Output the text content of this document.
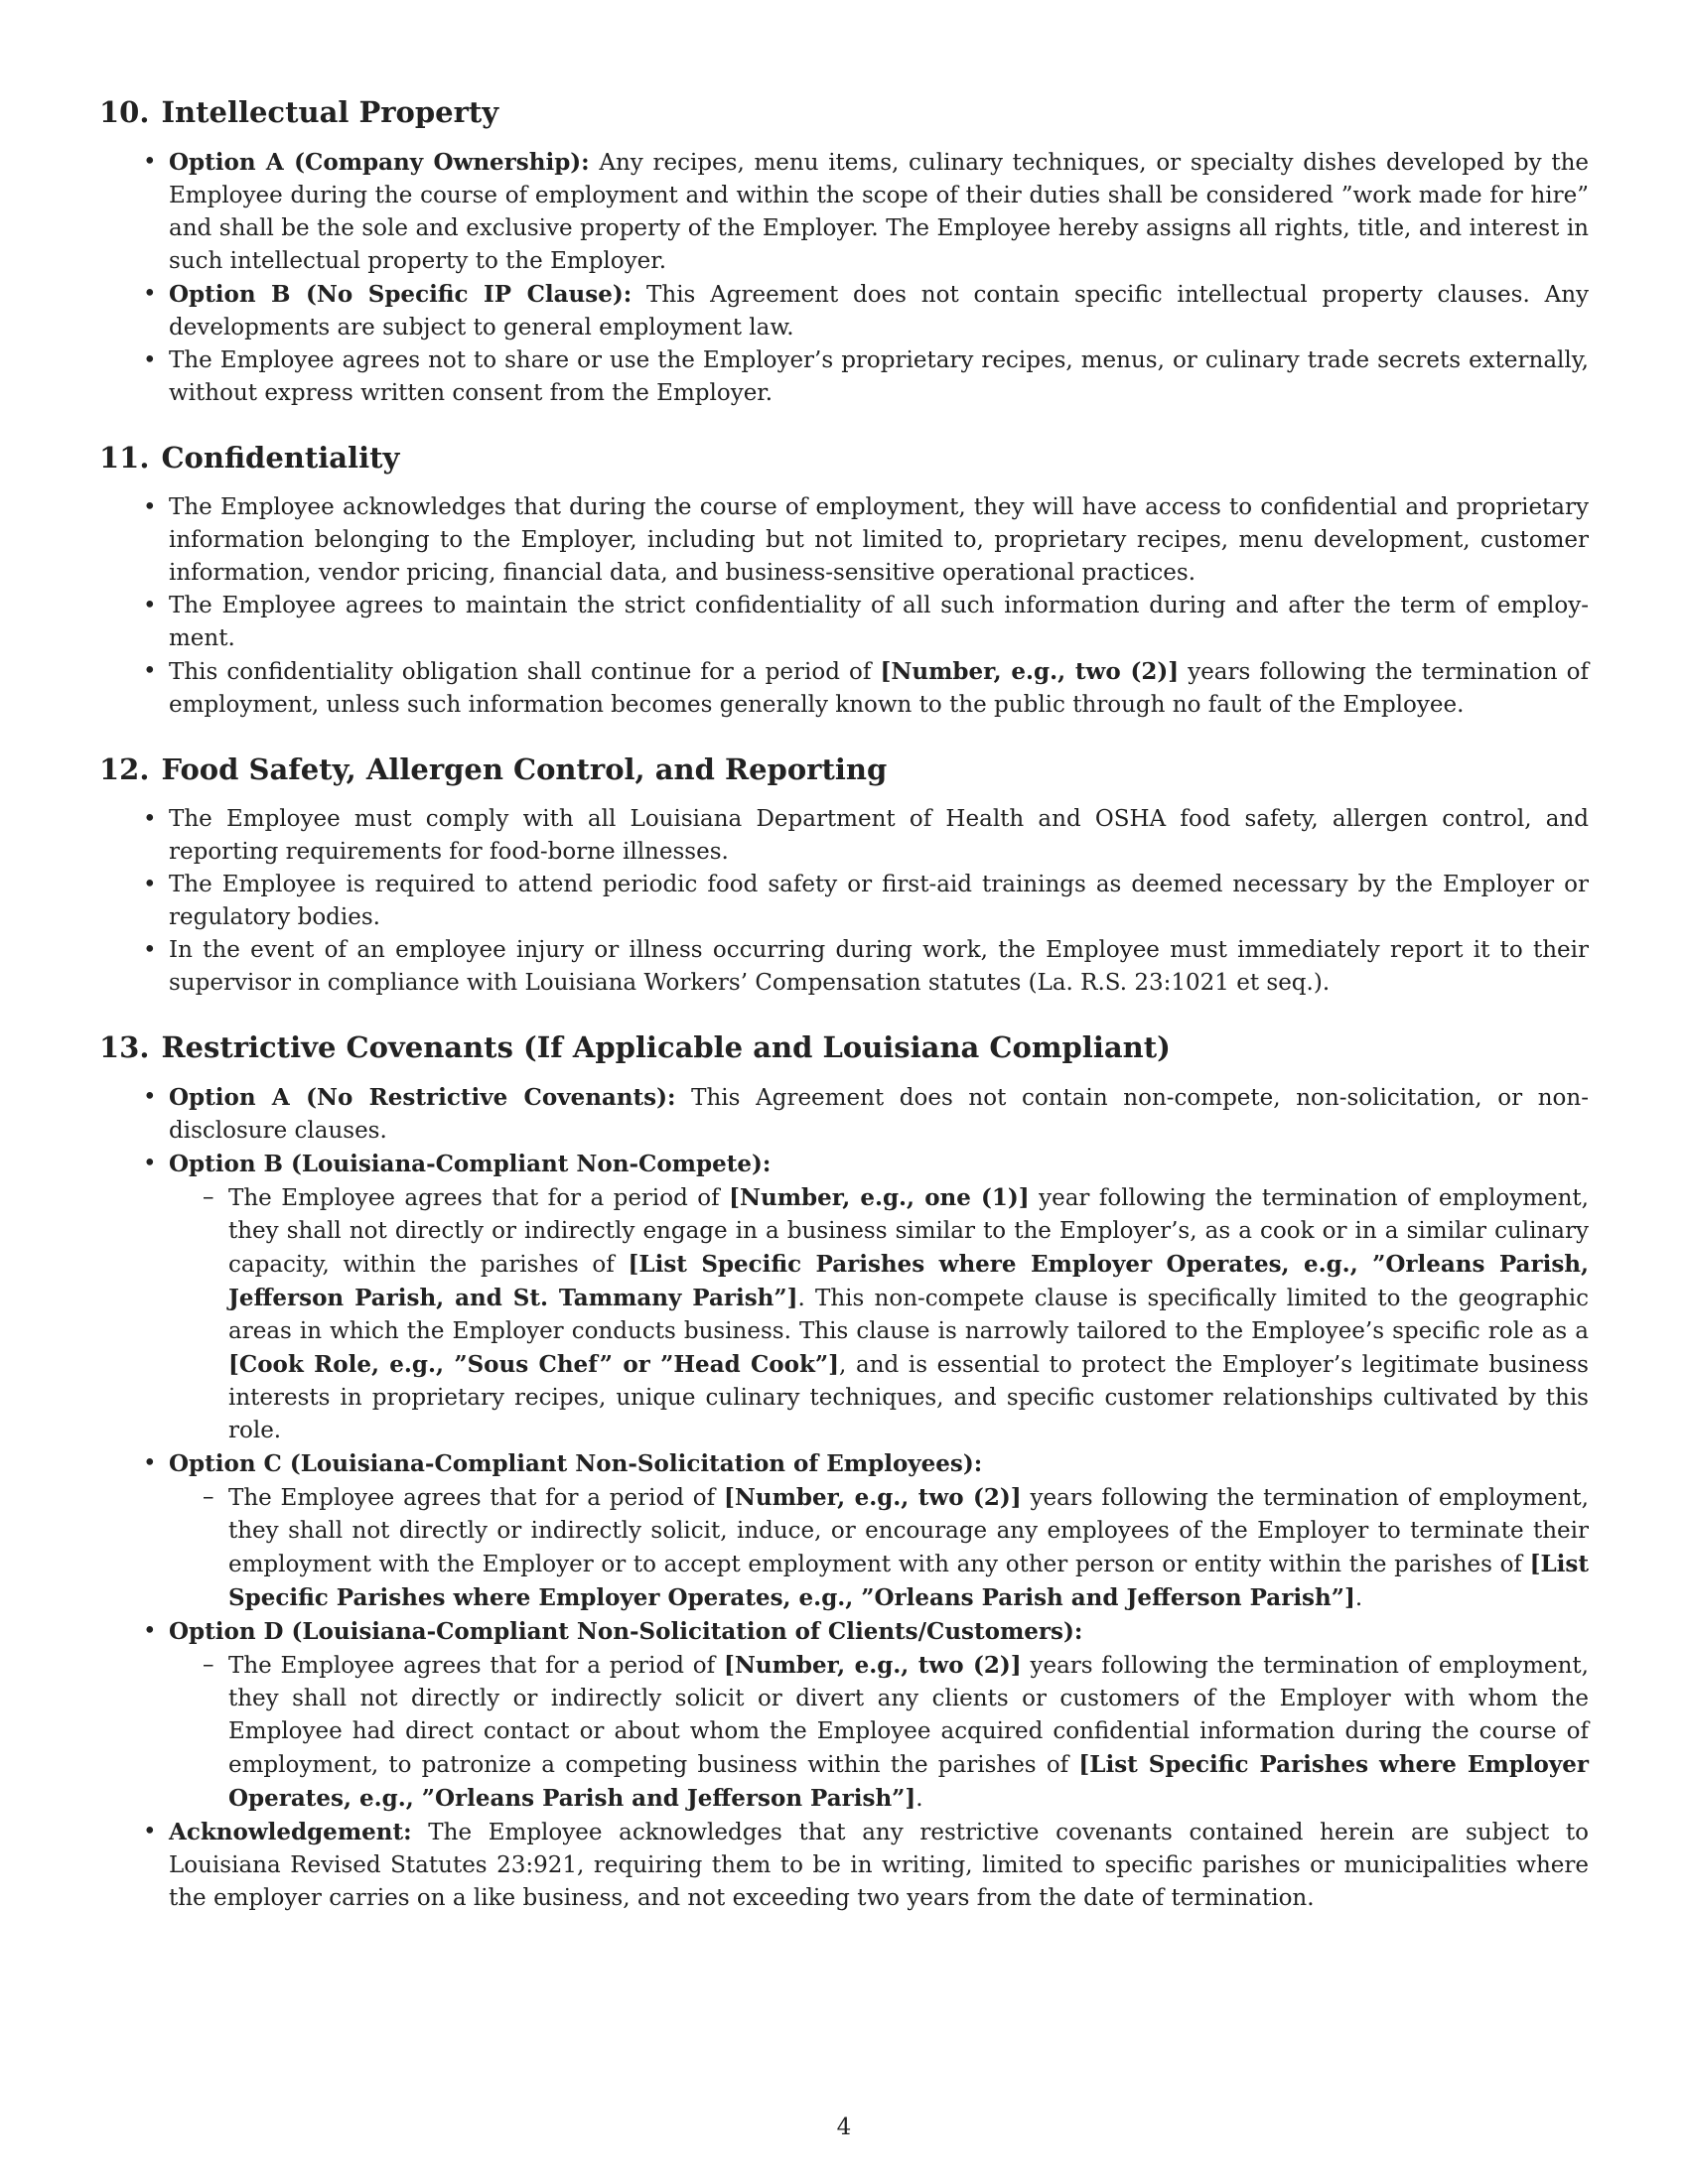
10. Intellectual Property
• Option A (Company Ownership): Any recipes, menu items, culinary techniques, or specialty dishes developed by the Employee during the course of employment and within the scope of their duties shall be considered ”work made for hire” and shall be the sole and exclusive property of the Employer. The Employee hereby assigns all rights, title, and interest in such intellectual property to the Employer.
• Option B (No Specific IP Clause): This Agreement does not contain specific intellectual property clauses. Any developments are subject to general employment law.
• The Employee agrees not to share or use the Employer’s proprietary recipes, menus, or culinary trade secrets externally, without express written consent from the Employer.
11. Confidentiality
• The Employee acknowledges that during the course of employment, they will have access to confidential and proprietary information belonging to the Employer, including but not limited to, proprietary recipes, menu development, customer information, vendor pricing, financial data, and business-sensitive operational practices.
• The Employee agrees to maintain the strict confidentiality of all such information during and after the term of employ-ment.
• This confidentiality obligation shall continue for a period of [Number, e.g., two (2)] years following the termination of employment, unless such information becomes generally known to the public through no fault of the Employee.
12. Food Safety, Allergen Control, and Reporting
• The Employee must comply with all Louisiana Department of Health and OSHA food safety, allergen control, and reporting requirements for food-borne illnesses.
• The Employee is required to attend periodic food safety or first-aid trainings as deemed necessary by the Employer or regulatory bodies.
• In the event of an employee injury or illness occurring during work, the Employee must immediately report it to their supervisor in compliance with Louisiana Workers’ Compensation statutes (La. R.S. 23:1021 et seq.).
13. Restrictive Covenants (If Applicable and Louisiana Compliant)
• Option A (No Restrictive Covenants): This Agreement does not contain non-compete, non-solicitation, or non-disclosure clauses.
• Option B (Louisiana-Compliant Non-Compete):
– The Employee agrees that for a period of [Number, e.g., one (1)] year following the termination of employment, they shall not directly or indirectly engage in a business similar to the Employer’s, as a cook or in a similar culinary capacity, within the parishes of [List Specific Parishes where Employer Operates, e.g., ”Orleans Parish, Jefferson Parish, and St. Tammany Parish”]. This non-compete clause is specifically limited to the geographic areas in which the Employer conducts business. This clause is narrowly tailored to the Employee’s specific role as a [Cook Role, e.g., ”Sous Chef” or ”Head Cook”], and is essential to protect the Employer’s legitimate business interests in proprietary recipes, unique culinary techniques, and specific customer relationships cultivated by this role.
• Option C (Louisiana-Compliant Non-Solicitation of Employees):
– The Employee agrees that for a period of [Number, e.g., two (2)] years following the termination of employment, they shall not directly or indirectly solicit, induce, or encourage any employees of the Employer to terminate their employment with the Employer or to accept employment with any other person or entity within the parishes of [List Specific Parishes where Employer Operates, e.g., ”Orleans Parish and Jefferson Parish”].
• Option D (Louisiana-Compliant Non-Solicitation of Clients/Customers):
– The Employee agrees that for a period of [Number, e.g., two (2)] years following the termination of employment, they shall not directly or indirectly solicit or divert any clients or customers of the Employer with whom the Employee had direct contact or about whom the Employee acquired confidential information during the course of employment, to patronize a competing business within the parishes of [List Specific Parishes where Employer Operates, e.g., ”Orleans Parish and Jefferson Parish”].
• Acknowledgement: The Employee acknowledges that any restrictive covenants contained herein are subject to Louisiana Revised Statutes 23:921, requiring them to be in writing, limited to specific parishes or municipalities where the employer carries on a like business, and not exceeding two years from the date of termination.
4
